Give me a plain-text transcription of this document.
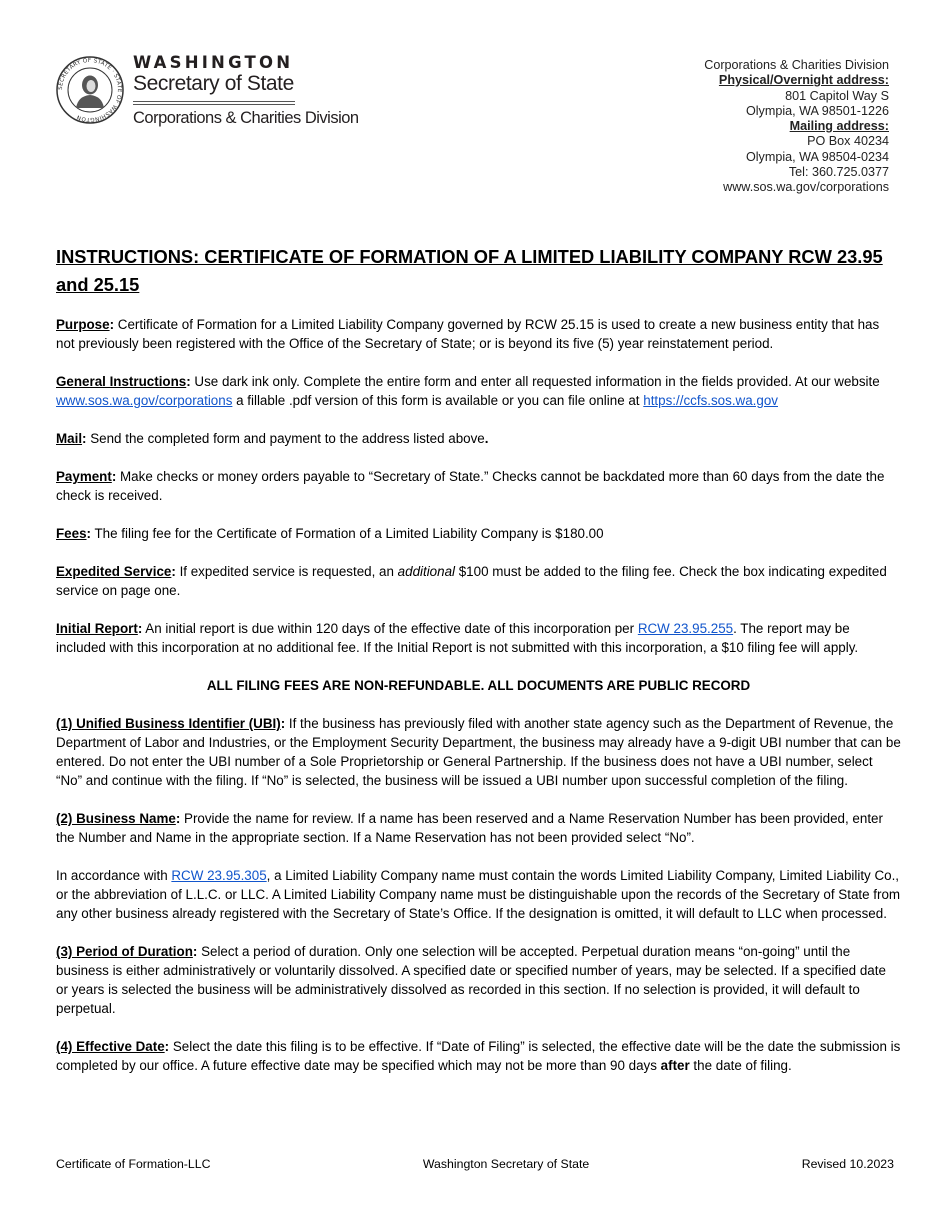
SECRETARY OF STATE · STATE OF WASHINGTON
WASHINGTON
Secretary of State
Corporations & Charities Division
Corporations & Charities Division
Physical/Overnight address:
801 Capitol Way S
Olympia, WA 98501-1226
Mailing address:
PO Box 40234
Olympia, WA 98504-0234
Tel: 360.725.0377
www.sos.wa.gov/corporations
INSTRUCTIONS: CERTIFICATE OF FORMATION OF A LIMITED LIABILITY COMPANY RCW 23.95 and 25.15

Purpose: Certificate of Formation for a Limited Liability Company governed by RCW 25.15 is used to create a new business entity that has not previously been registered with the Office of the Secretary of State; or is beyond its five (5) year reinstatement period.

General Instructions: Use dark ink only. Complete the entire form and enter all requested information in the fields provided. At our website www.sos.wa.gov/corporations a fillable .pdf version of this form is available or you can file online at https://ccfs.sos.wa.gov

Mail: Send the completed form and payment to the address listed above.

Payment: Make checks or money orders payable to “Secretary of State.” Checks cannot be backdated more than 60 days from the date the check is received.

Fees: The filing fee for the Certificate of Formation of a Limited Liability Company is $180.00

Expedited Service: If expedited service is requested, an additional $100 must be added to the filing fee. Check the box indicating expedited service on page one.

Initial Report: An initial report is due within 120 days of the effective date of this incorporation per RCW 23.95.255. The report may be included with this incorporation at no additional fee. If the Initial Report is not submitted with this incorporation, a $10 filing fee will apply.

ALL FILING FEES ARE NON-REFUNDABLE. ALL DOCUMENTS ARE PUBLIC RECORD

(1) Unified Business Identifier (UBI): If the business has previously filed with another state agency such as the Department of Revenue, the Department of Labor and Industries, or the Employment Security Department, the business may already have a 9-digit UBI number that can be entered. Do not enter the UBI number of a Sole Proprietorship or General Partnership. If the business does not have a UBI number, select “No” and continue with the filing. If “No” is selected, the business will be issued a UBI number upon successful completion of the filing.

(2) Business Name: Provide the name for review. If a name has been reserved and a Name Reservation Number has been provided, enter the Number and Name in the appropriate section. If a Name Reservation has not been provided select “No”.

In accordance with RCW 23.95.305, a Limited Liability Company name must contain the words Limited Liability Company, Limited Liability Co., or the abbreviation of L.L.C. or LLC. A Limited Liability Company name must be distinguishable upon the records of the Secretary of State from any other business already registered with the Secretary of State’s Office. If the designation is omitted, it will default to LLC when processed.

(3) Period of Duration: Select a period of duration. Only one selection will be accepted. Perpetual duration means “on-going” until the business is either administratively or voluntarily dissolved. A specified date or specified number of years, may be selected. If a specified date or years is selected the business will be administratively dissolved as recorded in this section. If no selection is provided, it will default to perpetual.

(4) Effective Date: Select the date this filing is to be effective. If “Date of Filing” is selected, the effective date will be the date the submission is completed by our office. A future effective date may be specified which may not be more than 90 days after the date of filing.

Certificate of Formation-LLC	Washington Secretary of State	Revised 10.2023
